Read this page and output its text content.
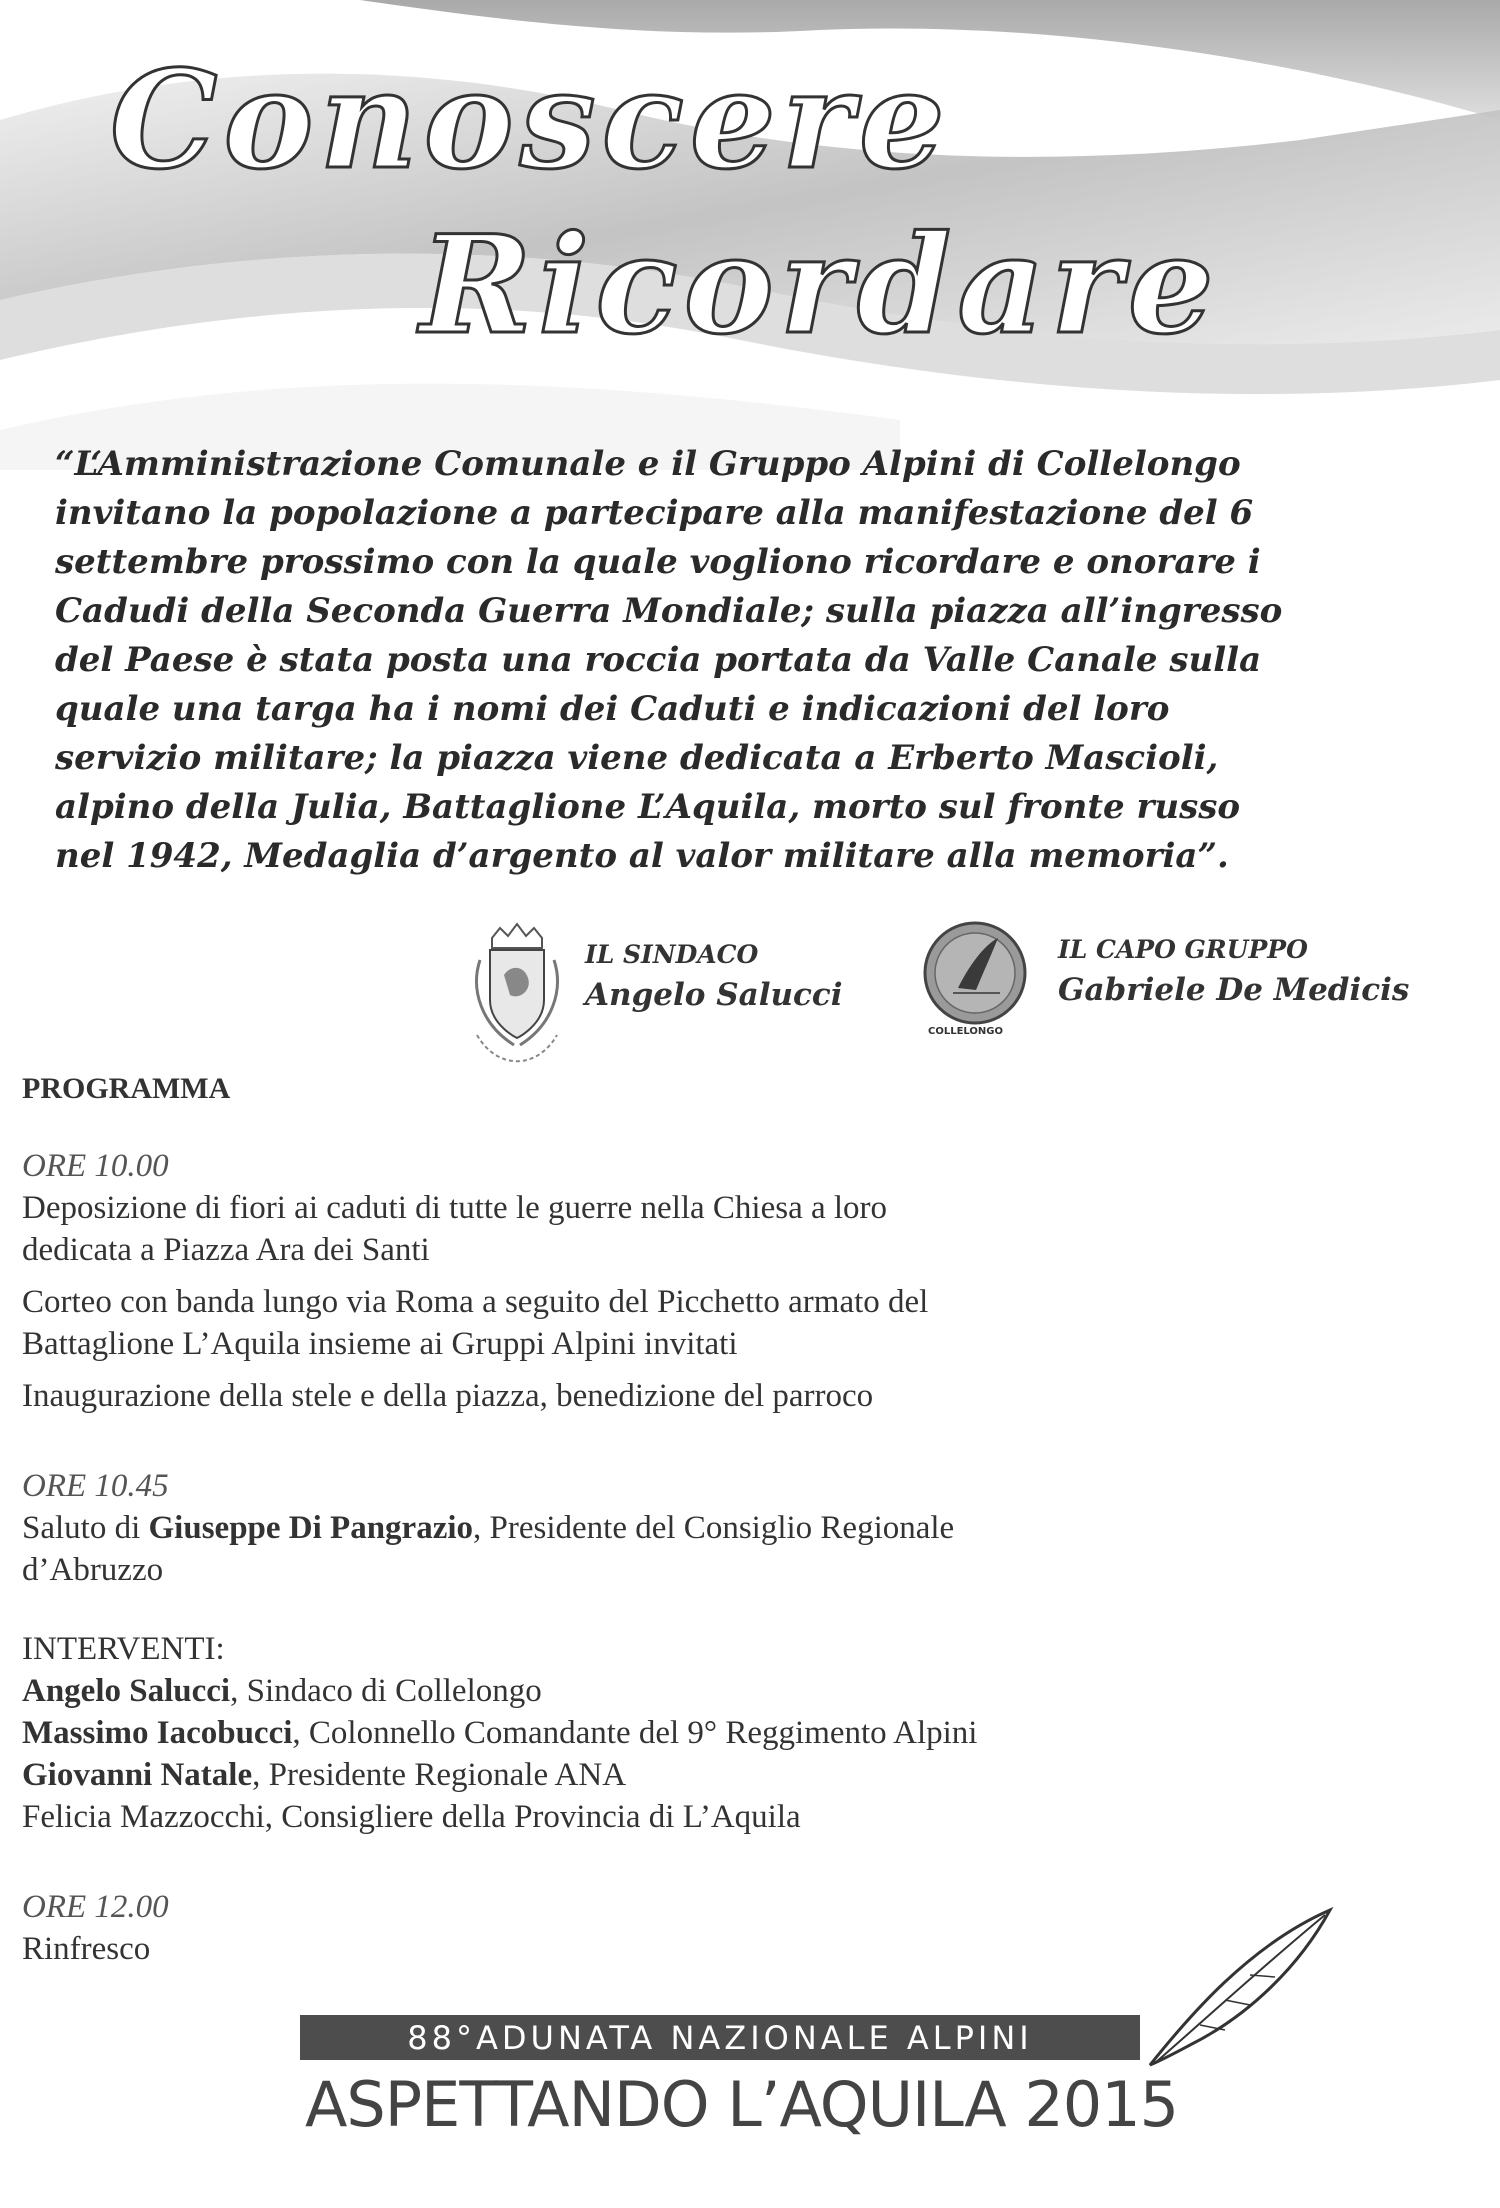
Conoscere
Ricordare
“L‘Amministrazione Comunale e il Gruppo Alpini di Collelongo
invitano la popolazione a partecipare alla manifestazione del 6
settembre prossimo con la quale vogliono ricordare e onorare i
Cadudi della Seconda Guerra Mondiale; sulla piazza all’ingresso
del Paese è stata posta una roccia portata da Valle Canale sulla
quale una targa ha i nomi dei Caduti e indicazioni del loro
servizio militare; la piazza viene dedicata a Erberto Mascioli,
alpino della Julia, Battaglione L’Aquila, morto sul fronte russo
nel 1942, Medaglia d’argento al valor militare alla memoria”.
IL SINDACO
Angelo Salucci
COLLELONGO
IL CAPO GRUPPO
Gabriele De Medicis

PROGRAMMA

ORE 10.00

Deposizione di fiori ai caduti di tutte le guerre nella Chiesa a loro

dedicata a Piazza Ara dei Santi

Corteo con banda lungo via Roma a seguito del Picchetto armato del

Battaglione L’Aquila insieme ai Gruppi Alpini invitati

Inaugurazione della stele e della piazza, benedizione del parroco

ORE 10.45

Saluto di Giuseppe Di Pangrazio, Presidente del Consiglio Regionale

d’Abruzzo

INTERVENTI:

Angelo Salucci, Sindaco di Collelongo

Massimo Iacobucci, Colonnello Comandante del 9° Reggimento Alpini

Giovanni Natale, Presidente Regionale ANA

Felicia Mazzocchi, Consigliere della Provincia di L’Aquila

ORE 12.00

Rinfresco

88°ADUNATA NAZIONALE ALPINI
ASPETTANDO L’AQUILA 2015
